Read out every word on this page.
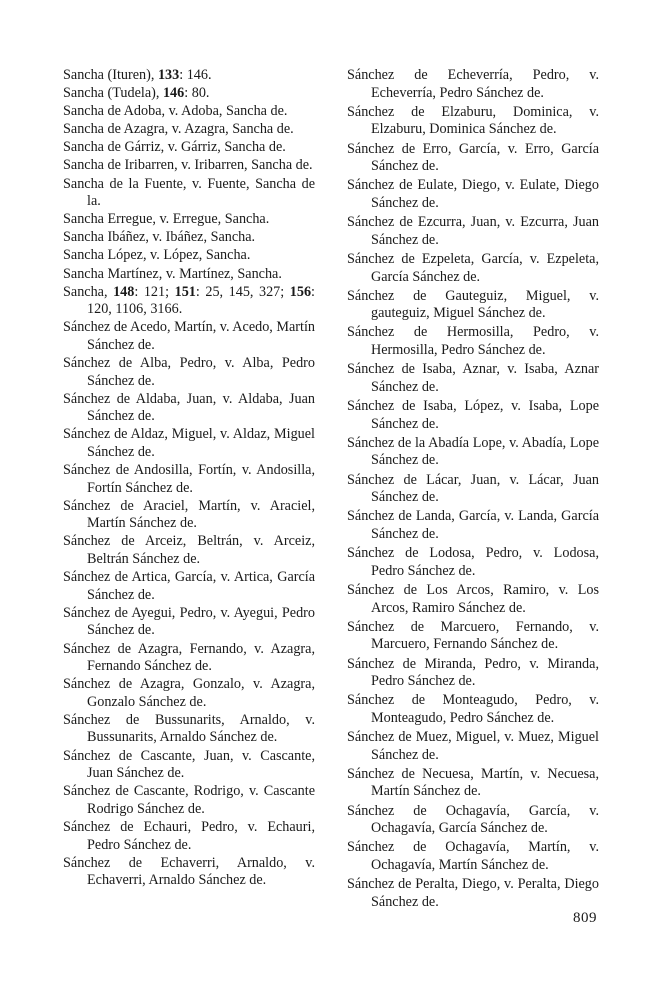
Sancha (Ituren), 133: 146.

Sancha (Tudela), 146: 80.

Sancha de Adoba, v. Adoba, Sancha de.

Sancha de Azagra, v. Azagra, Sancha de.

Sancha de Gárriz, v. Gárriz, Sancha de.

Sancha de Iribarren, v. Iribarren, Sancha de.

Sancha de la Fuente, v. Fuente, Sancha de la.

Sancha Erregue, v. Erregue, Sancha.

Sancha Ibáñez, v. Ibáñez, Sancha.

Sancha López, v. López, Sancha.

Sancha Martínez, v. Martínez, Sancha.

Sancha, 148: 121; 151: 25, 145, 327; 156: 120, 1106, 3166.

Sánchez de Acedo, Martín, v. Acedo, Martín Sánchez de.

Sánchez de Alba, Pedro, v. Alba, Pedro Sánchez de.

Sánchez de Aldaba, Juan, v. Aldaba, Juan Sánchez de.

Sánchez de Aldaz, Miguel, v. Aldaz, Miguel Sánchez de.

Sánchez de Andosilla, Fortín, v. Andosilla, Fortín Sánchez de.

Sánchez de Araciel, Martín, v. Araciel, Martín Sánchez de.

Sánchez de Arceiz, Beltrán, v. Arceiz, Beltrán Sánchez de.

Sánchez de Artica, García, v. Artica, García Sánchez de.

Sánchez de Ayegui, Pedro, v. Ayegui, Pedro Sánchez de.

Sánchez de Azagra, Fernando, v. Azagra, Fernando Sánchez de.

Sánchez de Azagra, Gonzalo, v. Azagra, Gonzalo Sánchez de.

Sánchez de Bussunarits, Arnaldo, v. Bussunarits, Arnaldo Sánchez de.

Sánchez de Cascante, Juan, v. Cascante, Juan Sánchez de.

Sánchez de Cascante, Rodrigo, v. Cascante Rodrigo Sánchez de.

Sánchez de Echauri, Pedro, v. Echauri, Pedro Sánchez de.

Sánchez de Echaverri, Arnaldo, v. Echaverri, Arnaldo Sánchez de.

Sánchez de Echeverría, Pedro, v. Echeverría, Pedro Sánchez de.

Sánchez de Elzaburu, Dominica, v. Elzaburu, Dominica Sánchez de.

Sánchez de Erro, García, v. Erro, García Sánchez de.

Sánchez de Eulate, Diego, v. Eulate, Diego Sánchez de.

Sánchez de Ezcurra, Juan, v. Ezcurra, Juan Sánchez de.

Sánchez de Ezpeleta, García, v. Ezpeleta, García Sánchez de.

Sánchez de Gauteguiz, Miguel, v. gauteguiz, Miguel Sánchez de.

Sánchez de Hermosilla, Pedro, v. Hermosilla, Pedro Sánchez de.

Sánchez de Isaba, Aznar, v. Isaba, Aznar Sánchez de.

Sánchez de Isaba, López, v. Isaba, Lope Sánchez de.

Sánchez de la Abadía Lope, v. Abadía, Lope Sánchez de.

Sánchez de Lácar, Juan, v. Lácar, Juan Sánchez de.

Sánchez de Landa, García, v. Landa, García Sánchez de.

Sánchez de Lodosa, Pedro, v. Lodosa, Pedro Sánchez de.

Sánchez de Los Arcos, Ramiro, v. Los Arcos, Ramiro Sánchez de.

Sánchez de Marcuero, Fernando, v. Marcuero, Fernando Sánchez de.

Sánchez de Miranda, Pedro, v. Miranda, Pedro Sánchez de.

Sánchez de Monteagudo, Pedro, v. Monteagudo, Pedro Sánchez de.

Sánchez de Muez, Miguel, v. Muez, Miguel Sánchez de.

Sánchez de Necuesa, Martín, v. Necuesa, Martín Sánchez de.

Sánchez de Ochagavía, García, v. Ochagavía, García Sánchez de.

Sánchez de Ochagavía, Martín, v. Ochagavía, Martín Sánchez de.

Sánchez de Peralta, Diego, v. Peralta, Diego Sánchez de.

809
